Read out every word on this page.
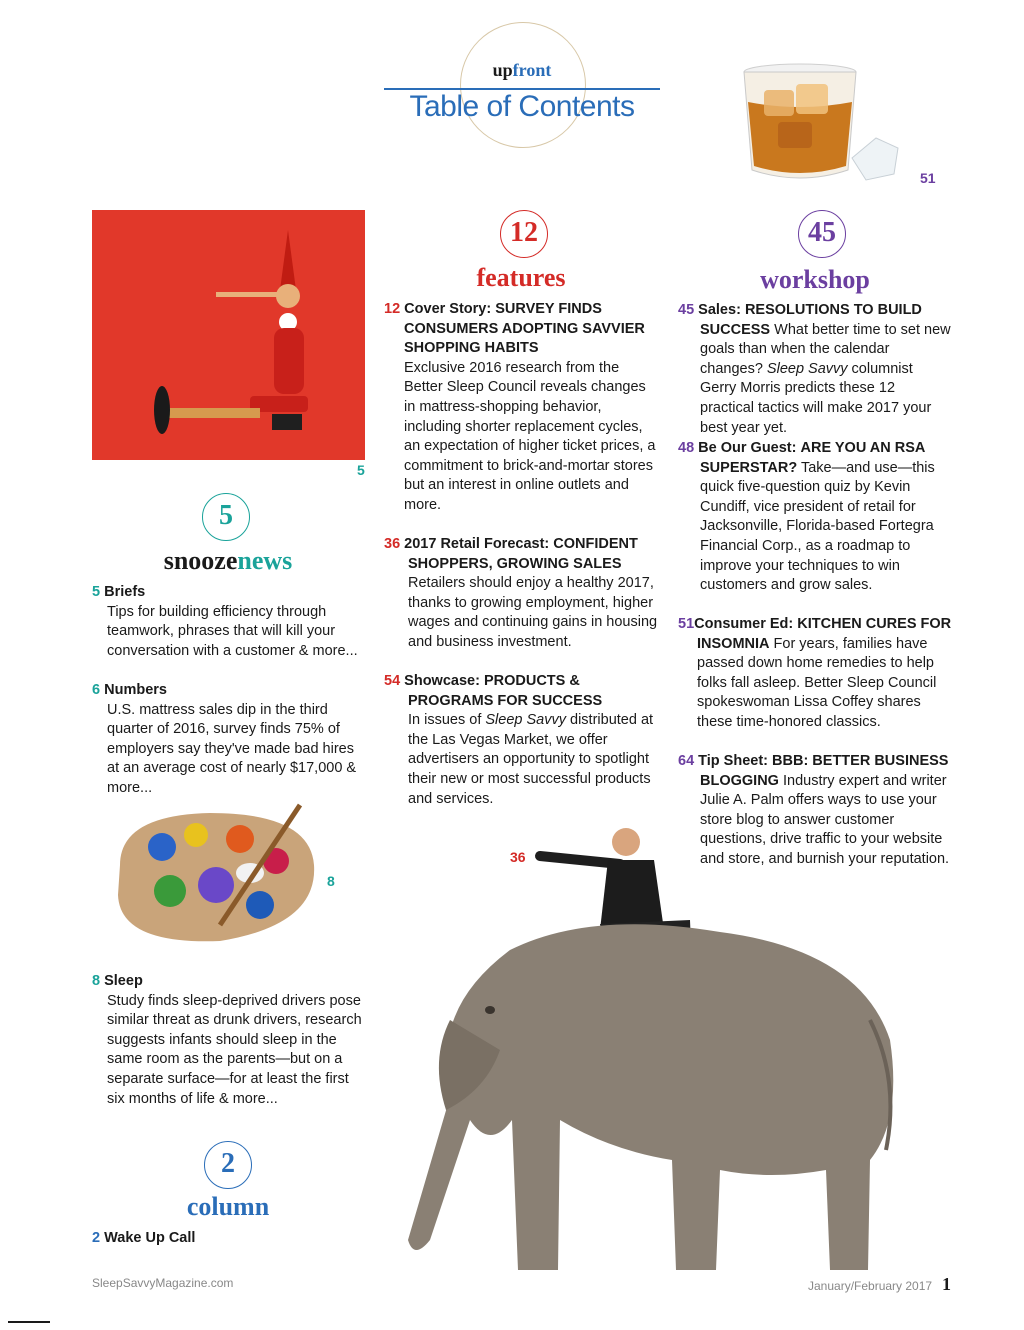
upfront
Table of Contents
51
5
5
snoozenews
5 Briefs
Tips for building efficiency through teamwork, phrases that will kill your conversation with a customer & more...
6 Numbers
U.S. mattress sales dip in the third quarter of 2016, survey finds 75% of employers say they've made bad hires at an average cost of nearly $17,000 & more...
8
8 Sleep
Study finds sleep-deprived drivers pose similar threat as drunk drivers, research suggests infants should sleep in the same room as the parents—but on a separate surface—for at least the first six months of life & more...
2
column
2 Wake Up Call
12
features
12 Cover Story: SURVEY FINDS CONSUMERS ADOPTING SAVVIER SHOPPING HABITS
Exclusive 2016 research from the Better Sleep Council reveals changes in mattress-shopping behavior, including shorter replacement cycles, an expectation of higher ticket prices, a commitment to brick-and-mortar stores but an interest in online outlets and more.
36 2017 Retail Forecast: CONFIDENT SHOPPERS, GROWING SALES
Retailers should enjoy a healthy 2017, thanks to growing employment, higher wages and continuing gains in housing and business investment.
54 Showcase: PRODUCTS & PROGRAMS FOR SUCCESS
In issues of Sleep Savvy distributed at the Las Vegas Market, we offer advertisers an opportunity to spotlight their new or most successful products and services.
45
workshop
45 Sales: RESOLUTIONS TO BUILD SUCCESS What better time to set new goals than when the calendar changes? Sleep Savvy columnist Gerry Morris predicts these 12 practical tactics will make 2017 your best year yet.
48 Be Our Guest: ARE YOU AN RSA SUPERSTAR? Take—and use—this quick five-question quiz by Kevin Cundiff, vice president of retail for Jacksonville, Florida-based Fortegra Financial Corp., as a roadmap to improve your techniques to win customers and grow sales.
51Consumer Ed: KITCHEN CURES FOR INSOMNIA For years, families have passed down home remedies to help folks fall asleep. Better Sleep Council spokeswoman Lissa Coffey shares these time-honored classics.
64 Tip Sheet: BBB: BETTER BUSINESS BLOGGING Industry expert and writer Julie A. Palm offers ways to use your store blog to answer customer questions, drive traffic to your website and store, and burnish your reputation.
36
SleepSavvyMagazine.com	January/February 2017 1
